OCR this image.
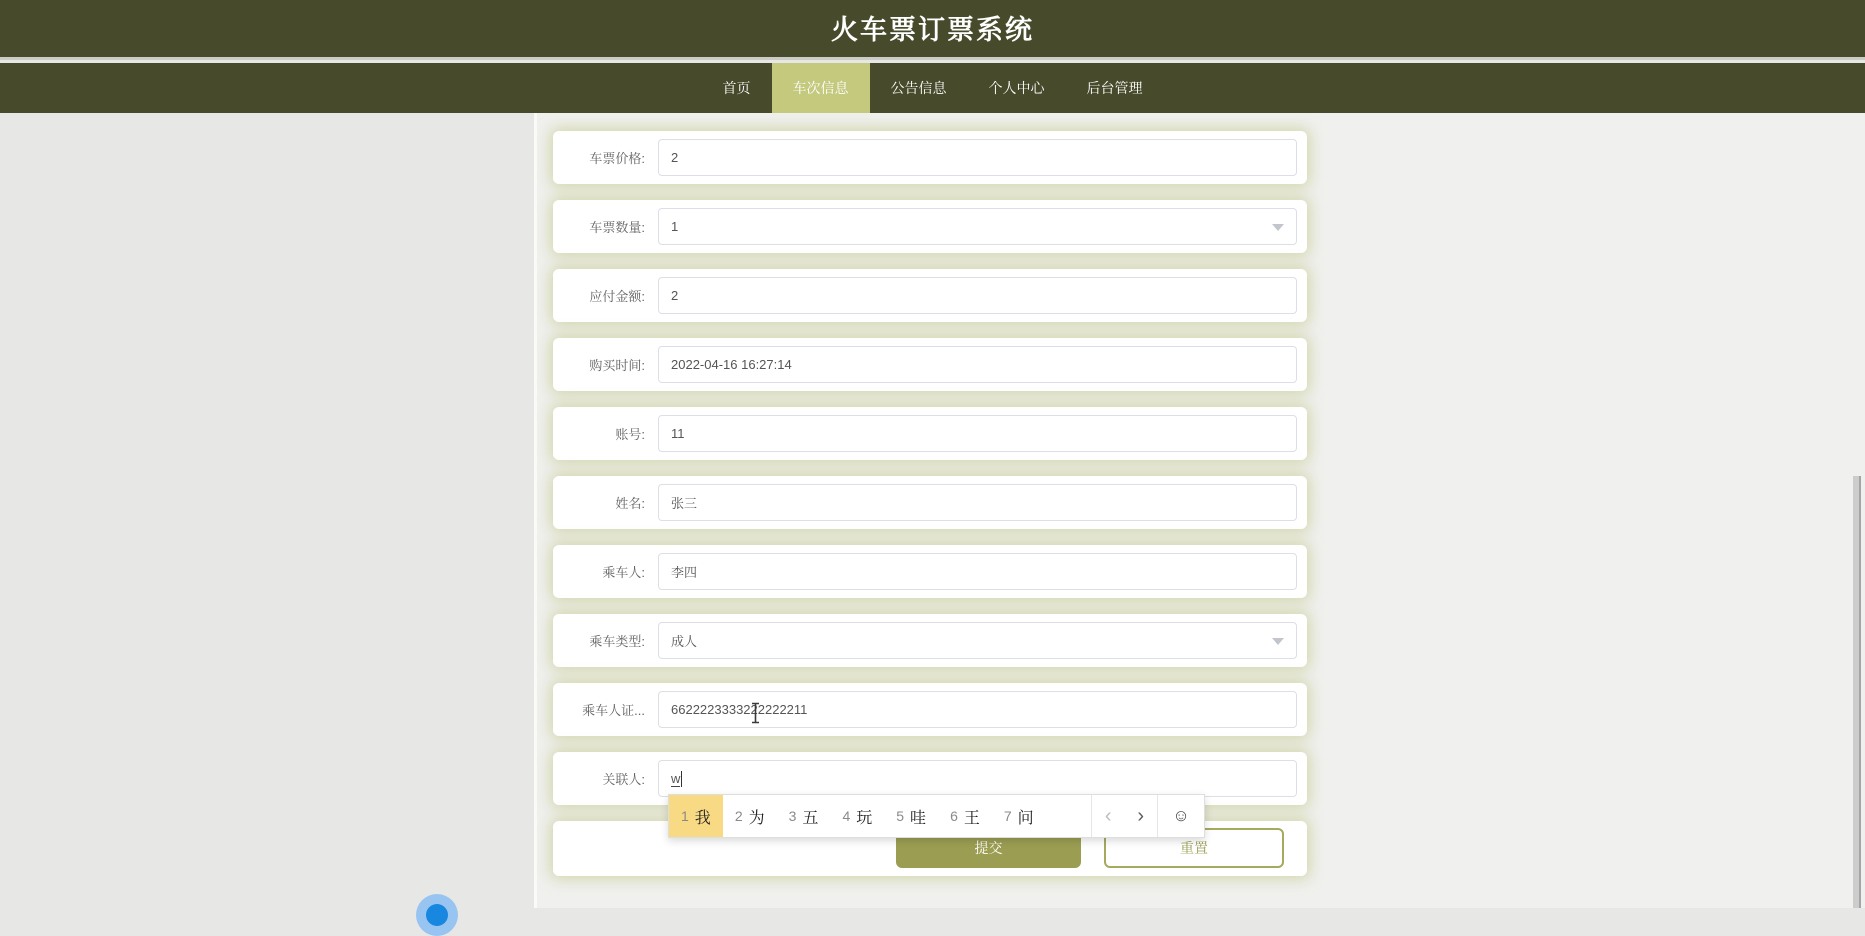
火车票订票系统
首页	车次信息	公告信息	个人中心	后台管理
车票价格: 2
车票数量: 1
应付金额: 2
购买时间: 2022-04-16 16:27:14
账号: 11
姓名: 张三
乘车人: 李四
乘车类型: 成人
乘车人证... 6622223333222222211
关联人: w
提交	重置
1 我 2 为 3 五 4 玩 5 哇 6 王 7 问	‹ › ☺
